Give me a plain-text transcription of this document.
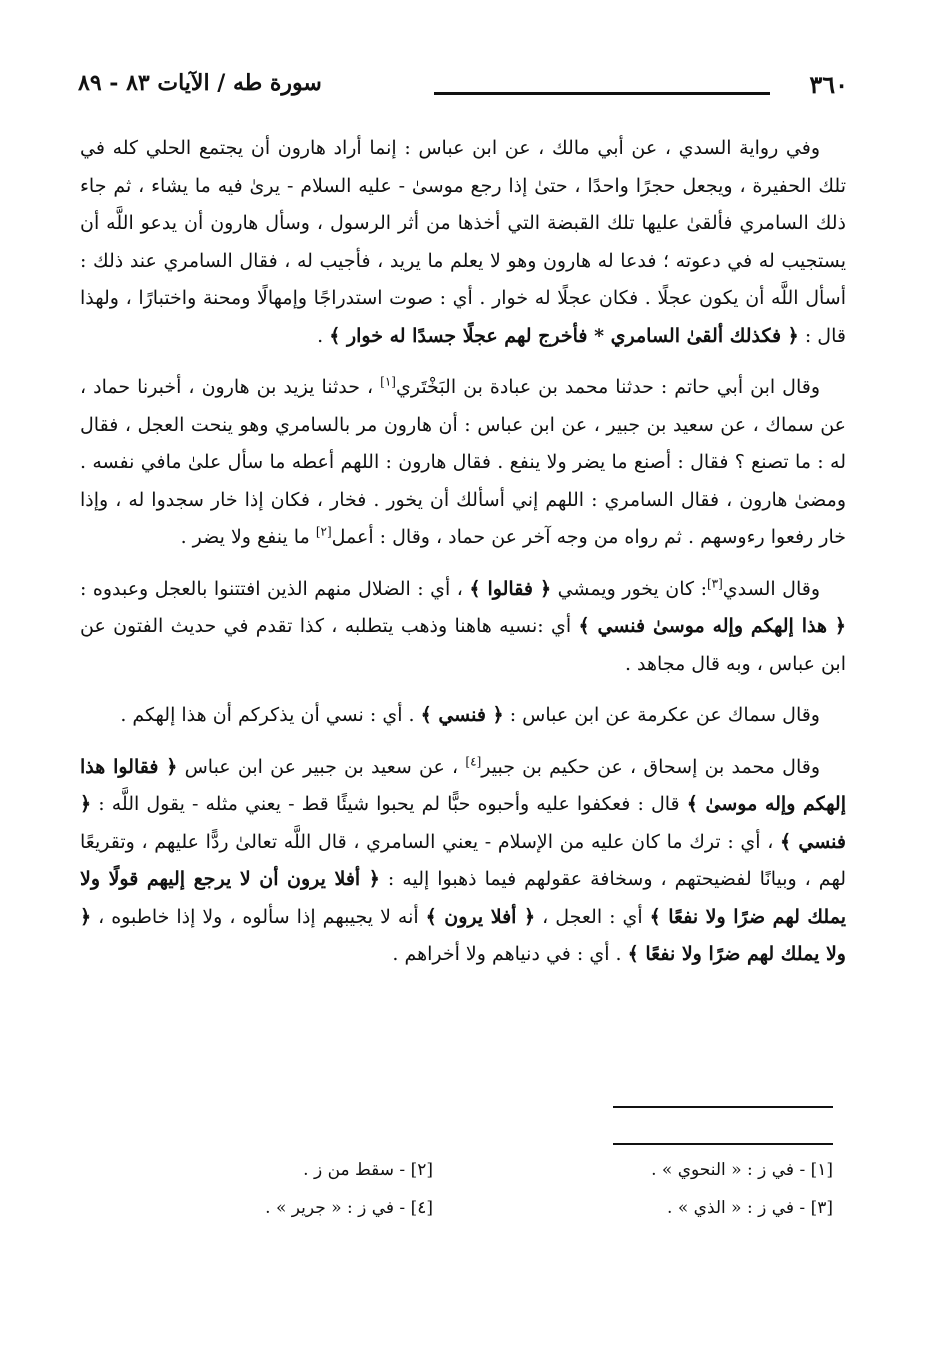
٣٦٠
سورة طه / الآيات ٨٣ - ٨٩

وفي رواية السدي ، عن أبي مالك ، عن ابن عباس : إنما أراد هارون أن يجتمع الحلي كله في تلك الحفيرة ، ويجعل حجرًا واحدًا ، حتىٰ إذا رجع موسىٰ - عليه السلام - يرىٰ فيه ما يشاء ، ثم جاء ذلك السامري فألقىٰ عليها تلك القبضة التي أخذها من أثر الرسول ، وسأل هارون أن يدعو اللَّه أن يستجيب له في دعوته ؛ فدعا له هارون وهو لا يعلم ما يريد ، فأجيب له ، فقال السامري عند ذلك : أسأل اللَّه أن يكون عجلًا . فكان عجلًا له خوار . أي : صوت استدراجًا وإمهالًا ومحنة واختبارًا ، ولهذا قال : ﴿ فكذلك ألقىٰ السامري * فأخرج لهم عجلًا جسدًا له خوار ﴾ .

وقال ابن أبي حاتم : حدثنا محمد بن عبادة بن البَخْتَري[١] ، حدثنا يزيد بن هارون ، أخبرنا حماد ، عن سماك ، عن سعيد بن جبير ، عن ابن عباس : أن هارون مر بالسامري وهو ينحت العجل ، فقال له : ما تصنع ؟ فقال : أصنع ما يضر ولا ينفع . فقال هارون : اللهم أعطه ما سأل علىٰ مافي نفسه . ومضىٰ هارون ، فقال السامري : اللهم إني أسألك أن يخور . فخار ، فكان إذا خار سجدوا له ، وإذا خار رفعوا رءوسهم . ثم رواه من وجه آخر عن حماد ، وقال : أعمل[٢] ما ينفع ولا يضر .

وقال السدي[٣]: كان يخور ويمشي ﴿ فقالوا ﴾ ، أي : الضلال منهم الذين افتتنوا بالعجل وعبدوه : ﴿ هذا إلهكم وإله موسىٰ فنسي ﴾ أي :نسيه هاهنا وذهب يتطلبه ، كذا تقدم في حديث الفتون عن ابن عباس ، وبه قال مجاهد .

وقال سماك عن عكرمة عن ابن عباس : ﴿ فنسي ﴾ . أي : نسي أن يذكركم أن هذا إلهكم .

وقال محمد بن إسحاق ، عن حكيم بن جبير[٤] ، عن سعيد بن جبير عن ابن عباس ﴿ فقالوا هذا إلهكم وإله موسىٰ ﴾ قال : فعكفوا عليه وأحبوه حبًّا لم يحبوا شيئًا قط - يعني مثله - يقول اللَّه : ﴿ فنسي ﴾ ، أي : ترك ما كان عليه من الإسلام - يعني السامري ، قال اللَّه تعالىٰ ردًّا عليهم ، وتقريعًا لهم ، وبيانًا لفضيحتهم ، وسخافة عقولهم فيما ذهبوا إليه : ﴿ أفلا يرون أن لا يرجع إليهم قولًا ولا يملك لهم ضرًا ولا نفعًا ﴾ أي : العجل ، ﴿ أفلا يرون ﴾ أنه لا يجيبهم إذا سألوه ، ولا إذا خاطبوه ، ﴿ ولا يملك لهم ضرًا ولا نفعًا ﴾ . أي : في دنياهم ولا أخراهم .

[١] - في ز : « النحوي » .
[٢] - سقط من ز .
[٣] - في ز : « الذي » .
[٤] - في ز : « جرير » .
